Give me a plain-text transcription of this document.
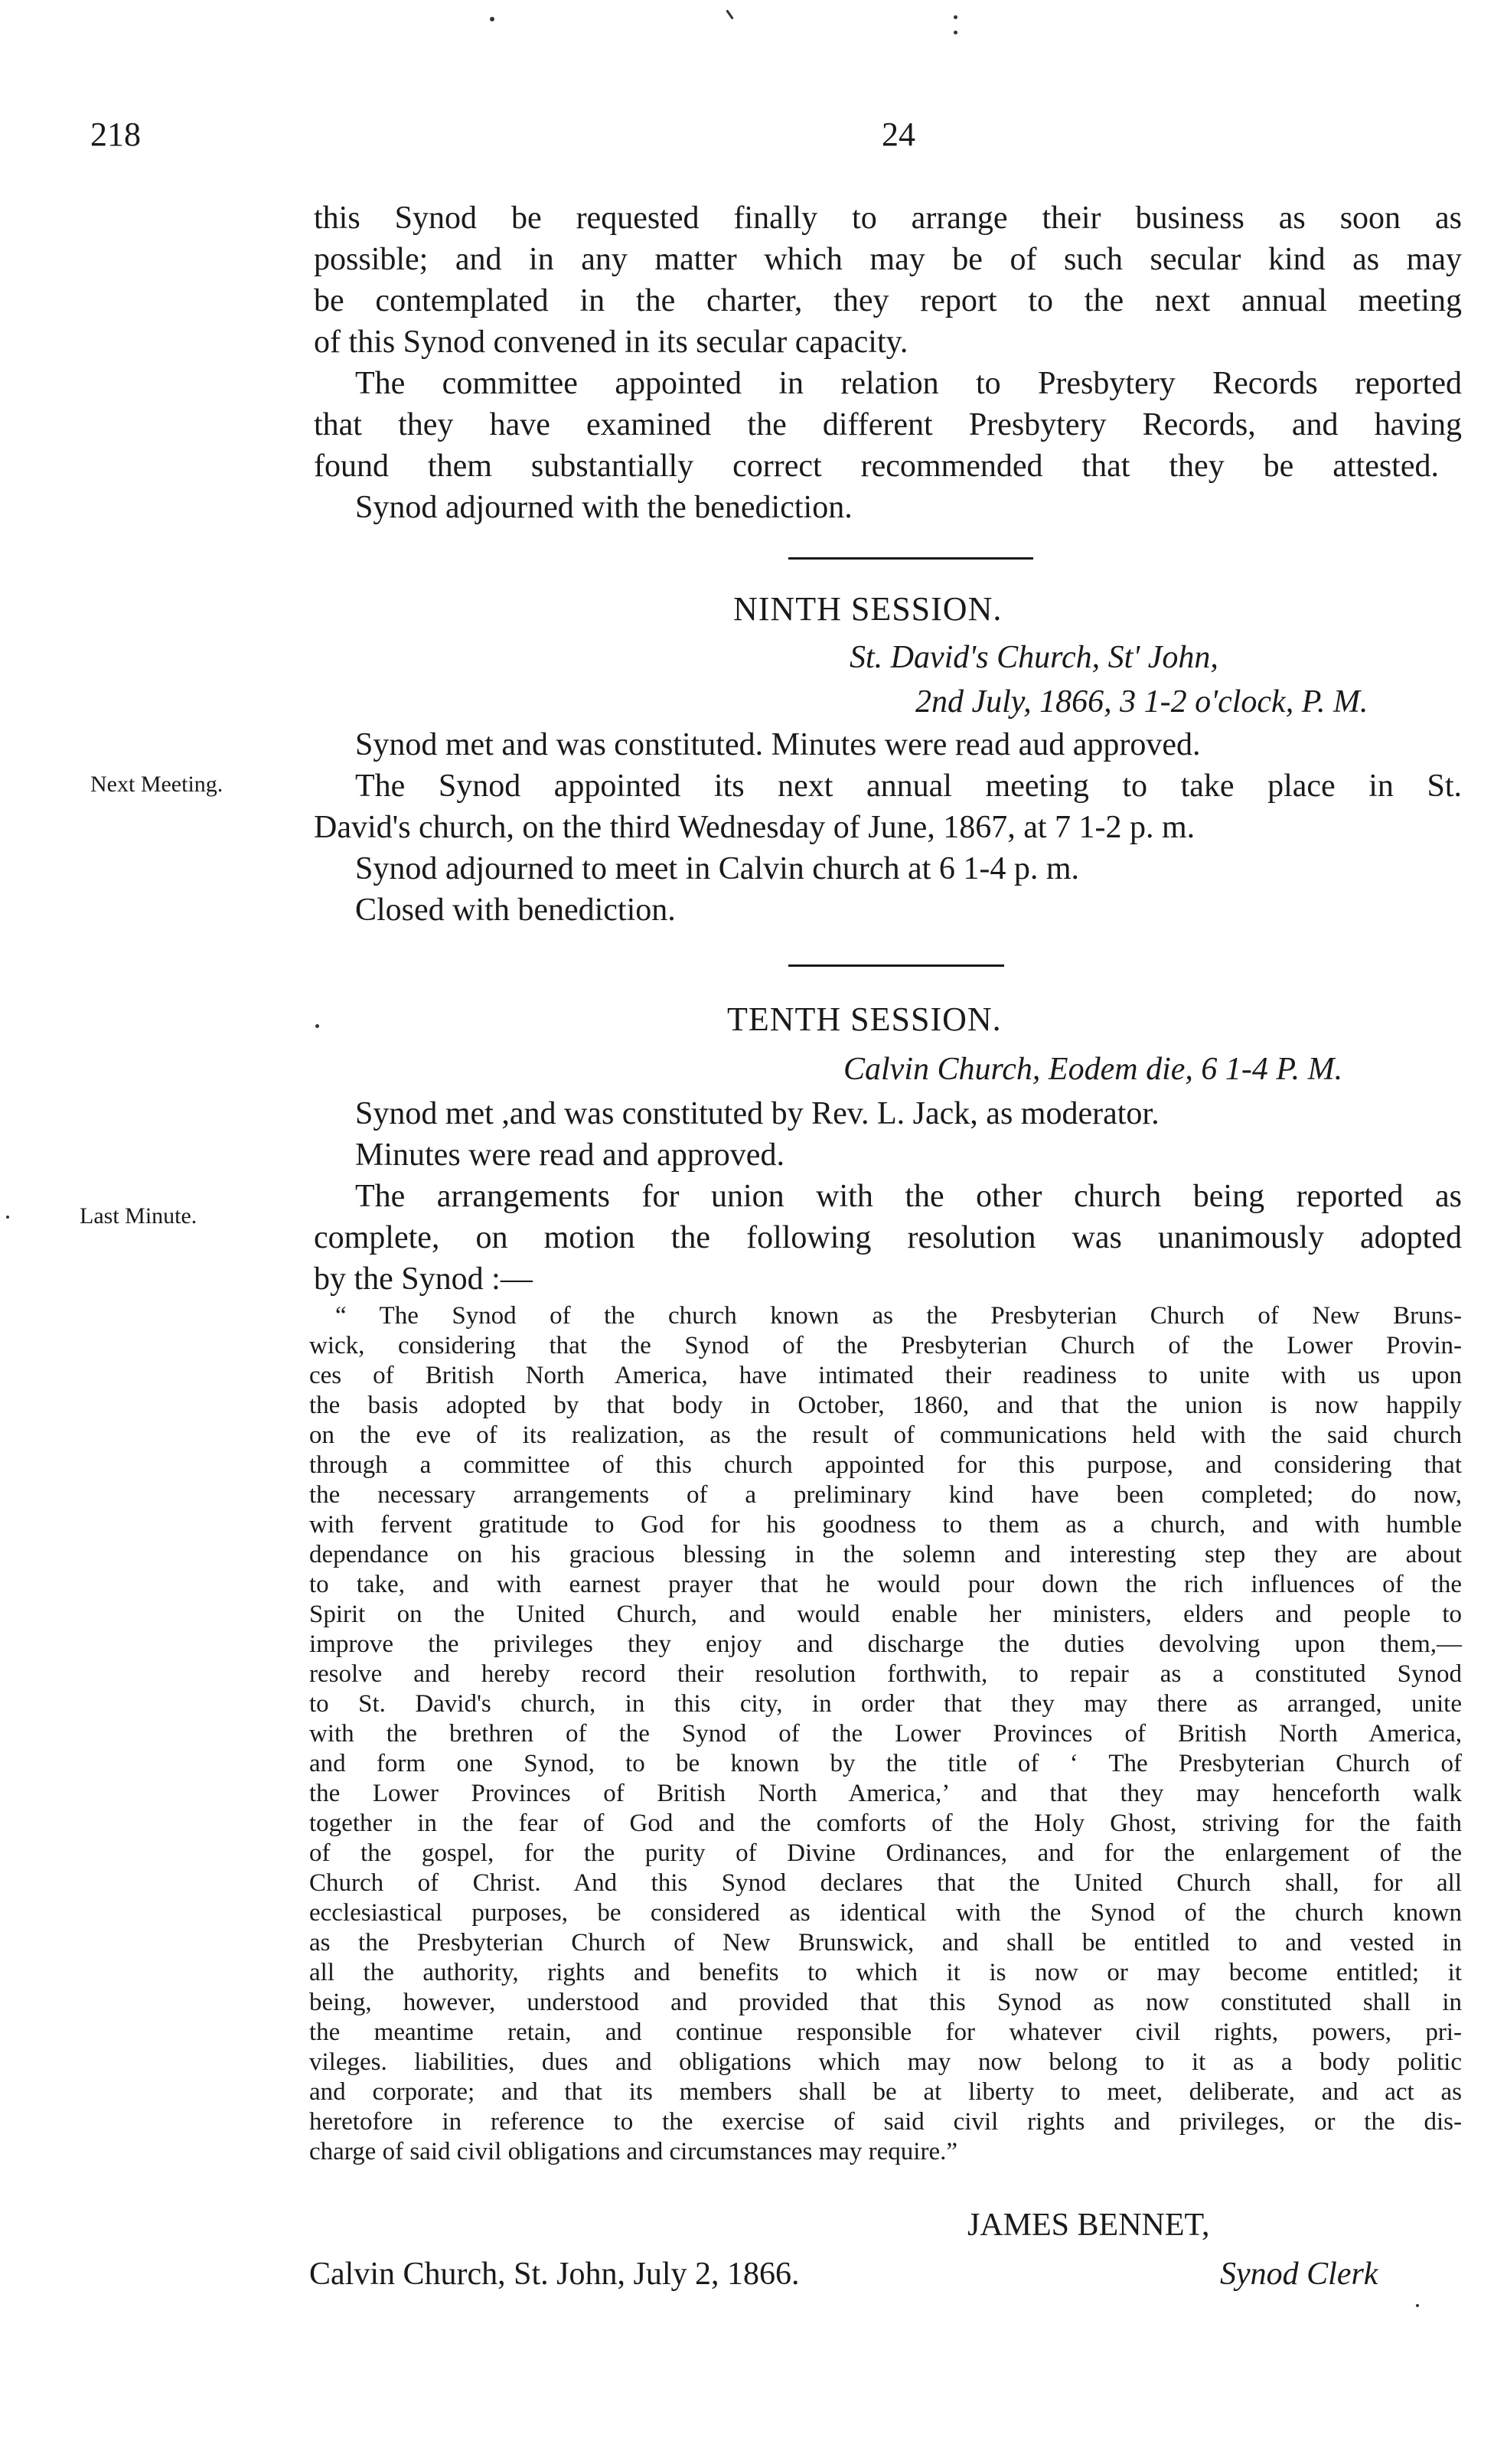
218	24
this Synod be requested finally to arrange their business as soon as
possible; and in any matter which may be of such secular kind as may
be contemplated in the charter, they report to the next annual meeting
of this Synod convened in its secular capacity.
The committee appointed in relation to Presbytery Records reported
that they have examined the different Presbytery Records, and having
found them substantially correct recommended that they be attested.
Synod adjourned with the benediction.
NINTH SESSION.
St. David's Church, St' John,
2nd July, 1866, 3 1-2 o'clock, P. M.
Synod met and was constituted. Minutes were read aud approved.
Next Meeting.	The Synod appointed its next annual meeting to take place in St.
David's church, on the third Wednesday of June, 1867, at 7 1-2 p. m.
Synod adjourned to meet in Calvin church at 6 1-4 p. m.
Closed with benediction.
TENTH SESSION.
Calvin Church, Eodem die, 6 1-4 P. M.
Synod met ,and was constituted by Rev. L. Jack, as moderator.
Minutes were read and approved.
Last Minute.
The arrangements for union with the other church being reported as
complete, on motion the following resolution was unanimously adopted
by the Synod :—
“ The Synod of the church known as the Presbyterian Church of New Bruns-
wick, considering that the Synod of the Presbyterian Church of the Lower Provin-
ces of British North America, have intimated their readiness to unite with us upon
the basis adopted by that body in October, 1860, and that the union is now happily
on the eve of its realization, as the result of communications held with the said church
through a committee of this church appointed for this purpose, and considering that
the necessary arrangements of a preliminary kind have been completed; do now,
with fervent gratitude to God for his goodness to them as a church, and with humble
dependance on his gracious blessing in the solemn and interesting step they are about
to take, and with earnest prayer that he would pour down the rich influences of the
Spirit on the United Church, and would enable her ministers, elders and people to
improve the privileges they enjoy and discharge the duties devolving upon them,—
resolve and hereby record their resolution forthwith, to repair as a constituted Synod
to St. David's church, in this city, in order that they may there as arranged, unite
with the brethren of the Synod of the Lower Provinces of British North America,
and form one Synod, to be known by the title of ‘ The Presbyterian Church of
the Lower Provinces of British North America,’ and that they may henceforth walk
together in the fear of God and the comforts of the Holy Ghost, striving for the faith
of the gospel, for the purity of Divine Ordinances, and for the enlargement of the
Church of Christ. And this Synod declares that the United Church shall, for all
ecclesiastical purposes, be considered as identical with the Synod of the church known
as the Presbyterian Church of New Brunswick, and shall be entitled to and vested in
all the authority, rights and benefits to which it is now or may become entitled; it
being, however, understood and provided that this Synod as now constituted shall in
the meantime retain, and continue responsible for whatever civil rights, powers, pri-
vileges. liabilities, dues and obligations which may now belong to it as a body politic
and corporate; and that its members shall be at liberty to meet, deliberate, and act as
heretofore in reference to the exercise of said civil rights and privileges, or the dis-
charge of said civil obligations and circumstances may require.”
JAMES BENNET,
Calvin Church, St. John, July 2, 1866.	Synod Clerk
